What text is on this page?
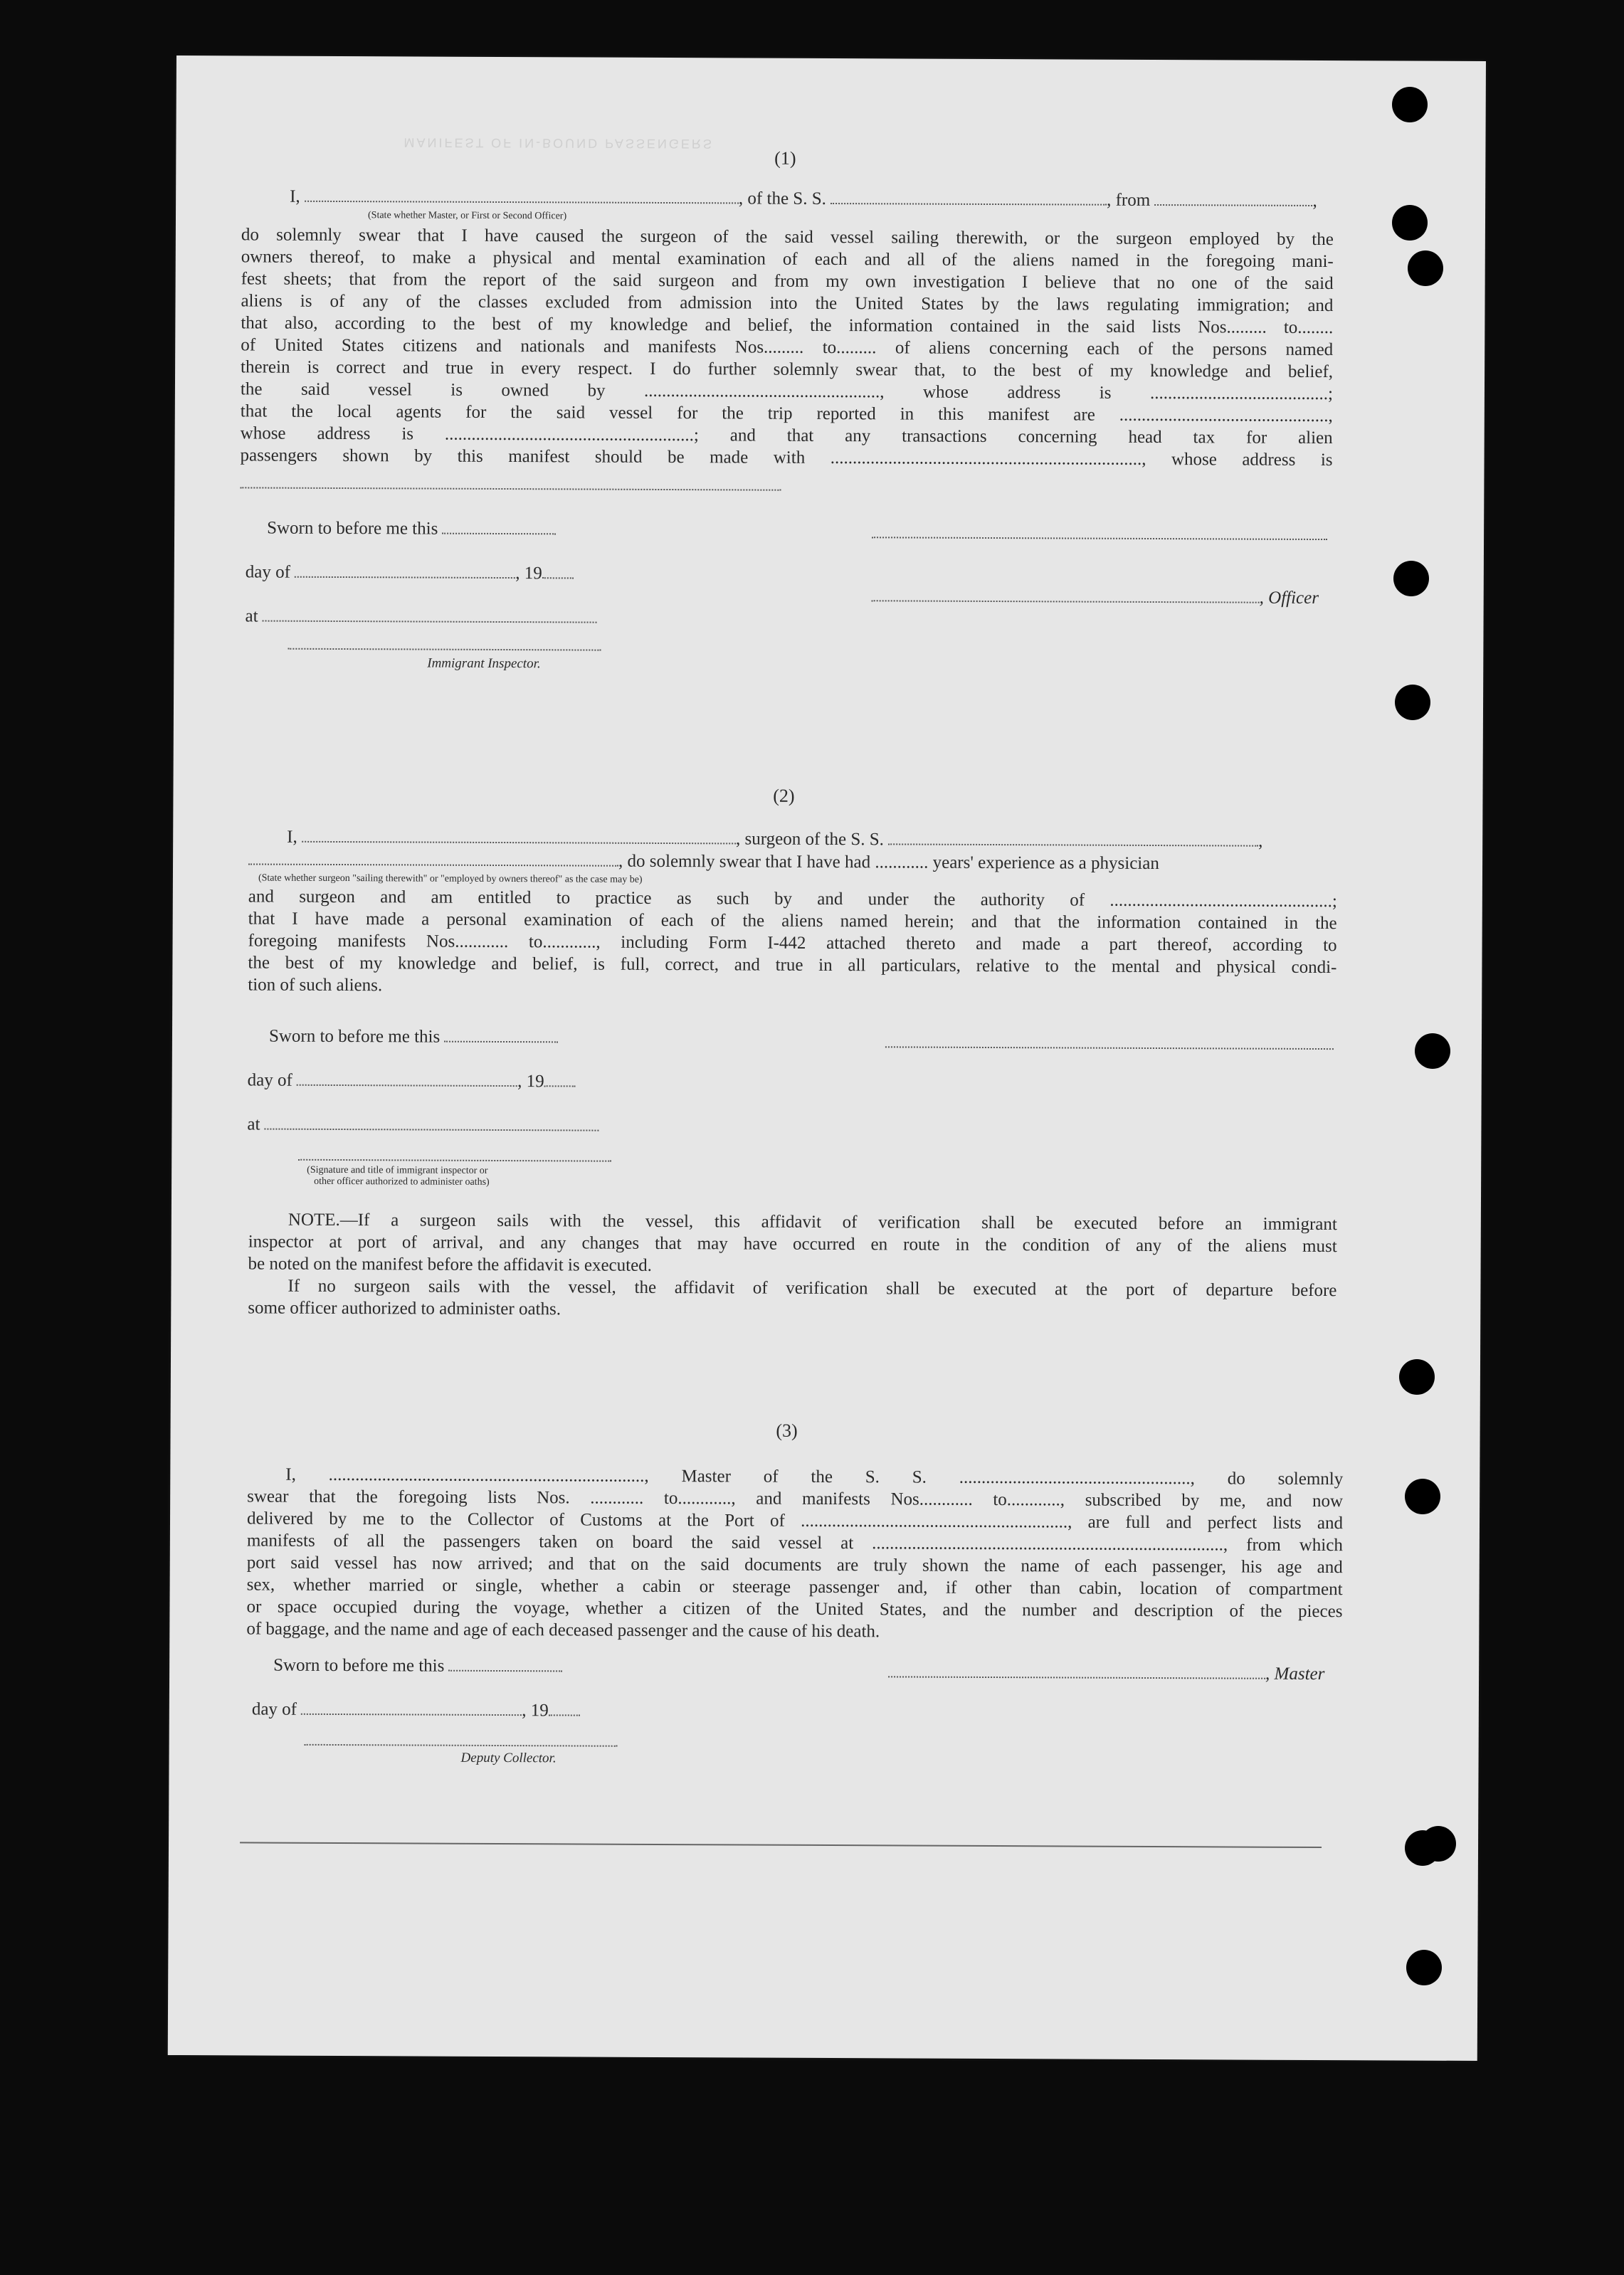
MANIFEST OF IN-BOUND PASSENGERS
(1)
I,	, of the S. S.	, from	,
(State whether Master, or First or Second Officer)
do solemnly swear that I have caused the surgeon of the said vessel sailing therewith, or the surgeon employed by the
owners thereof, to make a physical and mental examination of each and all of the aliens named in the foregoing mani-
fest sheets; that from the report of the said surgeon and from my own investigation I believe that no one of the said
aliens is of any of the classes excluded from admission into the United States by the laws regulating immigration; and
that also, according to the best of my knowledge and belief, the information contained in the said lists Nos......... to........
of United States citizens and nationals and manifests Nos......... to......... of aliens concerning each of the persons named
therein is correct and true in every respect. I do further solemnly swear that, to the best of my knowledge and belief,
the said vessel is owned by ....................................................., whose address is ........................................;
that the local agents for the said vessel for the trip reported in this manifest are ...............................................,
whose address is ........................................................; and that any transactions concerning head tax for alien
passengers shown by this manifest should be made with ......................................................................, whose address is
Sworn to before me this
day of	, 19
, Officer
at
Immigrant Inspector.
(2)
I,	, surgeon of the S. S.	,
, do solemnly swear that I have had ............ years' experience as a physician
(State whether surgeon "sailing therewith" or "employed by owners thereof" as the case may be)
and surgeon and am entitled to practice as such by and under the authority of ..................................................;
that I have made a personal examination of each of the aliens named herein; and that the information contained in the
foregoing manifests Nos............ to............, including Form I-442 attached thereto and made a part thereof, according to
the best of my knowledge and belief, is full, correct, and true in all particulars, relative to the mental and physical condi-
tion of such aliens.
Sworn to before me this
day of	, 19
at
(Signature and title of immigrant inspector or
other officer authorized to administer oaths)
NOTE.—If a surgeon sails with the vessel, this affidavit of verification shall be executed before an immigrant
inspector at port of arrival, and any changes that may have occurred en route in the condition of any of the aliens must
be noted on the manifest before the affidavit is executed.
If no surgeon sails with the vessel, the affidavit of verification shall be executed at the port of departure before
some officer authorized to administer oaths.
(3)
I, ......................................................................., Master of the S. S. ...................................................., do solemnly
swear that the foregoing lists Nos. ............ to............, and manifests Nos............ to............, subscribed by me, and now
delivered by me to the Collector of Customs at the Port of ............................................................, are full and perfect lists and
manifests of all the passengers taken on board the said vessel at ..............................................................................., from which
port said vessel has now arrived; and that on the said documents are truly shown the name of each passenger, his age and
sex, whether married or single, whether a cabin or steerage passenger and, if other than cabin, location of compartment
or space occupied during the voyage, whether a citizen of the United States, and the number and description of the pieces
of baggage, and the name and age of each deceased passenger and the cause of his death.
Sworn to before me this	, Master
day of	, 19
Deputy Collector.
